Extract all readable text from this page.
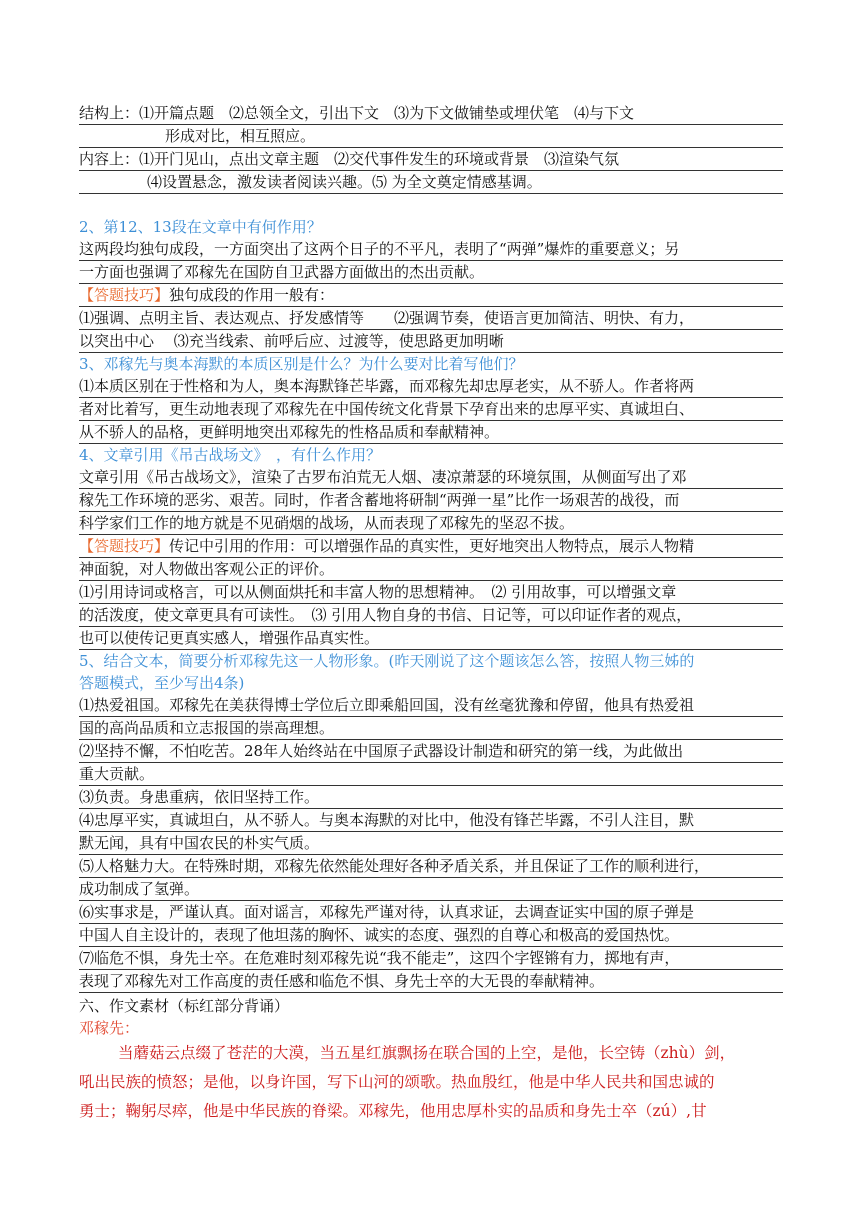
结构上：⑴开篇点题　⑵总领全文，引出下文　⑶为下文做铺垫或埋伏笔　⑷与下文
形成对比，相互照应。
内容上：⑴开门见山，点出文章主题　⑵交代事件发生的环境或背景　⑶渲染气氛
⑷设置悬念，激发读者阅读兴趣。⑸ 为全文奠定情感基调。
2、第12、13段在文章中有何作用？
这两段均独句成段，一方面突出了这两个日子的不平凡，表明了“两弹”爆炸的重要意义；另
一方面也强调了邓稼先在国防自卫武器方面做出的杰出贡献。
【答题技巧】独句成段的作用一般有：
⑴强调、点明主旨、表达观点、抒发感情等　　⑵强调节奏，使语言更加简洁、明快、有力，
以突出中心　 ⑶充当线索、前呼后应、过渡等，使思路更加明晰
3、邓稼先与奥本海默的本质区别是什么？为什么要对比着写他们？
⑴本质区别在于性格和为人，奥本海默锋芒毕露，而邓稼先却忠厚老实，从不骄人。作者将两
者对比着写，更生动地表现了邓稼先在中国传统文化背景下孕育出来的忠厚平实、真诚坦白、
从不骄人的品格，更鲜明地突出邓稼先的性格品质和奉献精神。
4、文章引用《吊古战场文》　，有什么作用？
文章引用《吊古战场文》，渲染了古罗布泊荒无人烟、凄凉萧瑟的环境氛围，从侧面写出了邓
稼先工作环境的恶劣、艰苦。同时，作者含蓄地将研制“两弹一星”比作一场艰苦的战役，而
科学家们工作的地方就是不见硝烟的战场，从而表现了邓稼先的坚忍不拔。
【答题技巧】传记中引用的作用：可以增强作品的真实性，更好地突出人物特点，展示人物精
神面貌，对人物做出客观公正的评价。
⑴引用诗词或格言，可以从侧面烘托和丰富人物的思想精神。　⑵ 引用故事，可以增强文章
的活泼度，使文章更具有可读性。　⑶ 引用人物自身的书信、日记等，可以印证作者的观点，
也可以使传记更真实感人，增强作品真实性。
5、结合文本，简要分析邓稼先这一人物形象。(昨天刚说了这个题该怎么答，按照人物三姊的
答题模式，至少写出4条)
⑴热爱祖国。邓稼先在美获得博士学位后立即乘船回国，没有丝毫犹豫和停留，他具有热爱祖
国的高尚品质和立志报国的崇高理想。
⑵坚持不懈，不怕吃苦。28年人始终站在中国原子武器设计制造和研究的第一线，为此做出
重大贡献。
⑶负责。身患重病，依旧坚持工作。
⑷忠厚平实，真诚坦白，从不骄人。与奥本海默的对比中，他没有锋芒毕露，不引人注目，默
默无闻，具有中国农民的朴实气质。
⑸人格魅力大。在特殊时期，邓稼先依然能处理好各种矛盾关系，并且保证了工作的顺利进行，
成功制成了氢弹。
⑹实事求是，严谨认真。面对谣言，邓稼先严谨对待，认真求证，去调查证实中国的原子弹是
中国人自主设计的，表现了他坦荡的胸怀、诚实的态度、强烈的自尊心和极高的爱国热忱。
⑺临危不惧，身先士卒。在危难时刻邓稼先说“我不能走”，这四个字铿锵有力，掷地有声，
表现了邓稼先对工作高度的责任感和临危不惧、身先士卒的大无畏的奉献精神。
六、作文素材（标红部分背诵）
邓稼先：
当蘑菇云点缀了苍茫的大漠，当五星红旗飘扬在联合国的上空，是他，长空铸（zhù）剑，
吼出民族的愤怒；是他，以身许国，写下山河的颂歌。热血殷红，他是中华人民共和国忠诚的
勇士；鞠躬尽瘁，他是中华民族的脊梁。邓稼先，他用忠厚朴实的品质和身先士卒（zú）,甘
